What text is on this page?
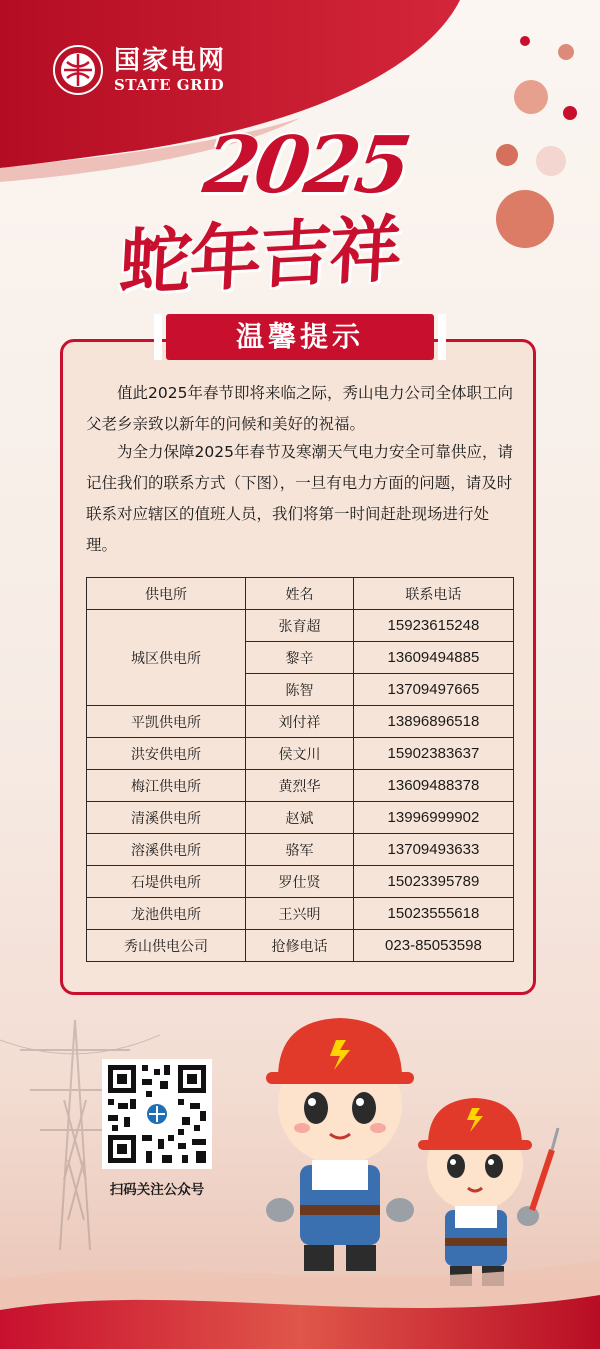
国家电网
STATE GRID
2025
蛇年吉祥
温馨提示

值此2025年春节即将来临之际，秀山电力公司全体职工向父老乡亲致以新年的问候和美好的祝福。

为全力保障2025年春节及寒潮天气电力安全可靠供应，请记住我们的联系方式（下图），一旦有电力方面的问题，请及时联系对应辖区的值班人员，我们将第一时间赶赴现场进行处理。

供电所	姓名	联系电话
城区供电所	张育超	15923615248
	黎辛	13609494885
	陈智	13709497665
平凯供电所	刘付祥	13896896518
洪安供电所	侯文川	15902383637
梅江供电所	黄烈华	13609488378
清溪供电所	赵斌	13996999902
溶溪供电所	骆军	13709493633
石堤供电所	罗仕贤	15023395789
龙池供电所	王兴明	15023555618
秀山供电公司	抢修电话	023-85053598
扫码关注公众号
